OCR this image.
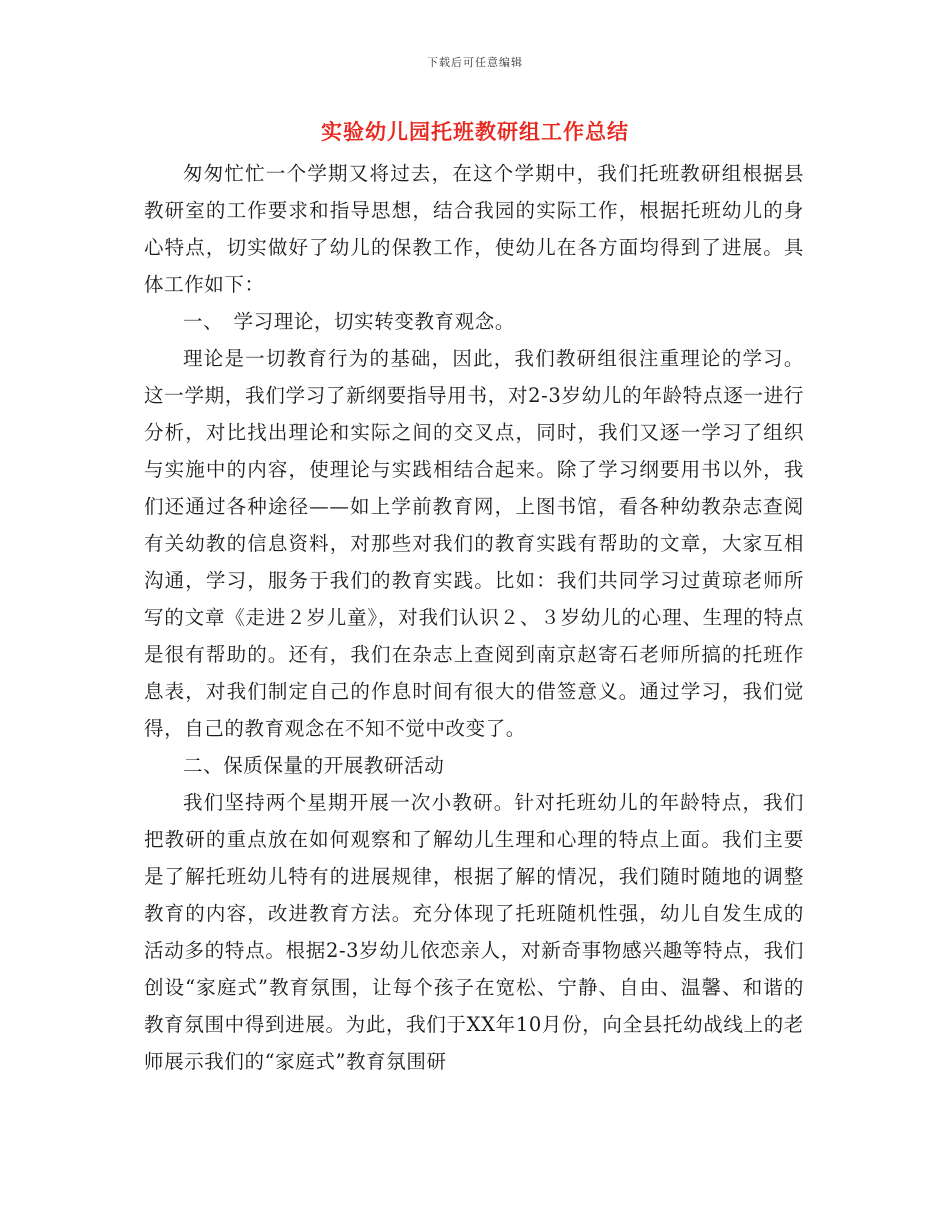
下载后可任意编辑
实验幼儿园托班教研组工作总结

匆匆忙忙一个学期又将过去，在这个学期中，我们托班教研组根据县教研室的工作要求和指导思想，结合我园的实际工作，根据托班幼儿的身心特点，切实做好了幼儿的保教工作，使幼儿在各方面均得到了进展。具体工作如下：

一、　学习理论，切实转变教育观念。

理论是一切教育行为的基础，因此，我们教研组很注重理论的学习。这一学期，我们学习了新纲要指导用书，对2-3岁幼儿的年龄特点逐一进行分析，对比找出理论和实际之间的交叉点，同时，我们又逐一学习了组织与实施中的内容，使理论与实践相结合起来。除了学习纲要用书以外，我们还通过各种途径——如上学前教育网，上图书馆，看各种幼教杂志查阅有关幼教的信息资料，对那些对我们的教育实践有帮助的文章，大家互相沟通，学习，服务于我们的教育实践。比如：我们共同学习过黄琼老师所写的文章《走进２岁儿童》，对我们认识２、３岁幼儿的心理、生理的特点是很有帮助的。还有，我们在杂志上查阅到南京赵寄石老师所搞的托班作息表，对我们制定自己的作息时间有很大的借签意义。通过学习，我们觉得，自己的教育观念在不知不觉中改变了。

二、保质保量的开展教研活动

我们坚持两个星期开展一次小教研。针对托班幼儿的年龄特点，我们把教研的重点放在如何观察和了解幼儿生理和心理的特点上面。我们主要是了解托班幼儿特有的进展规律，根据了解的情况，我们随时随地的调整教育的内容，改进教育方法。充分体现了托班随机性强，幼儿自发生成的活动多的特点。根据2-3岁幼儿依恋亲人，对新奇事物感兴趣等特点，我们创设“家庭式”教育氛围，让每个孩子在宽松、宁静、自由、温馨、和谐的教育氛围中得到进展。为此，我们于XX年10月份，向全县托幼战线上的老师展示我们的“家庭式”教育氛围研
